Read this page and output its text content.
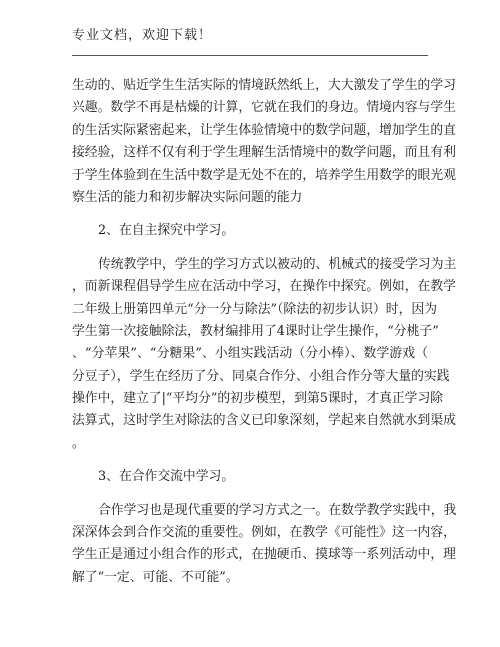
专业文档，欢迎下载！
生动的、贴近学生生活实际的情境跃然纸上，大大激发了学生的学习
兴趣。数学不再是枯燥的计算，它就在我们的身边。情境内容与学生
的生活实际紧密起来，让学生体验情境中的数学问题，增加学生的直
接经验，这样不仅有利于学生理解生活情境中的数学问题，而且有利
于学生体验到在生活中数学是无处不在的，培养学生用数学的眼光观
察生活的能力和初步解决实际问题的能力
2、在自主探究中学习。
传统教学中，学生的学习方式以被动的、机械式的接受学习为主
，而新课程倡导学生应在活动中学习，在操作中探究。例如，在教学
二年级上册第四单元“分一分与除法”（除法的初步认识）时，因为
学生第一次接触除法，教材编排用了4课时让学生操作，“分桃子”
、“分苹果”、“分糖果”、小组实践活动（分小棒）、数学游戏（
分豆子），学生在经历了分、同桌合作分、小组合作分等大量的实践
操作中，建立了|“平均分”的初步模型，到第5课时，才真正学习除
法算式，这时学生对除法的含义已印象深刻，学起来自然就水到渠成
。
3、在合作交流中学习。
合作学习也是现代重要的学习方式之一。在数学教学实践中，我
深深体会到合作交流的重要性。例如，在教学《可能性》这一内容，
学生正是通过小组合作的形式，在抛硬币、摸球等一系列活动中，理
解了“一定、可能、不可能”。
